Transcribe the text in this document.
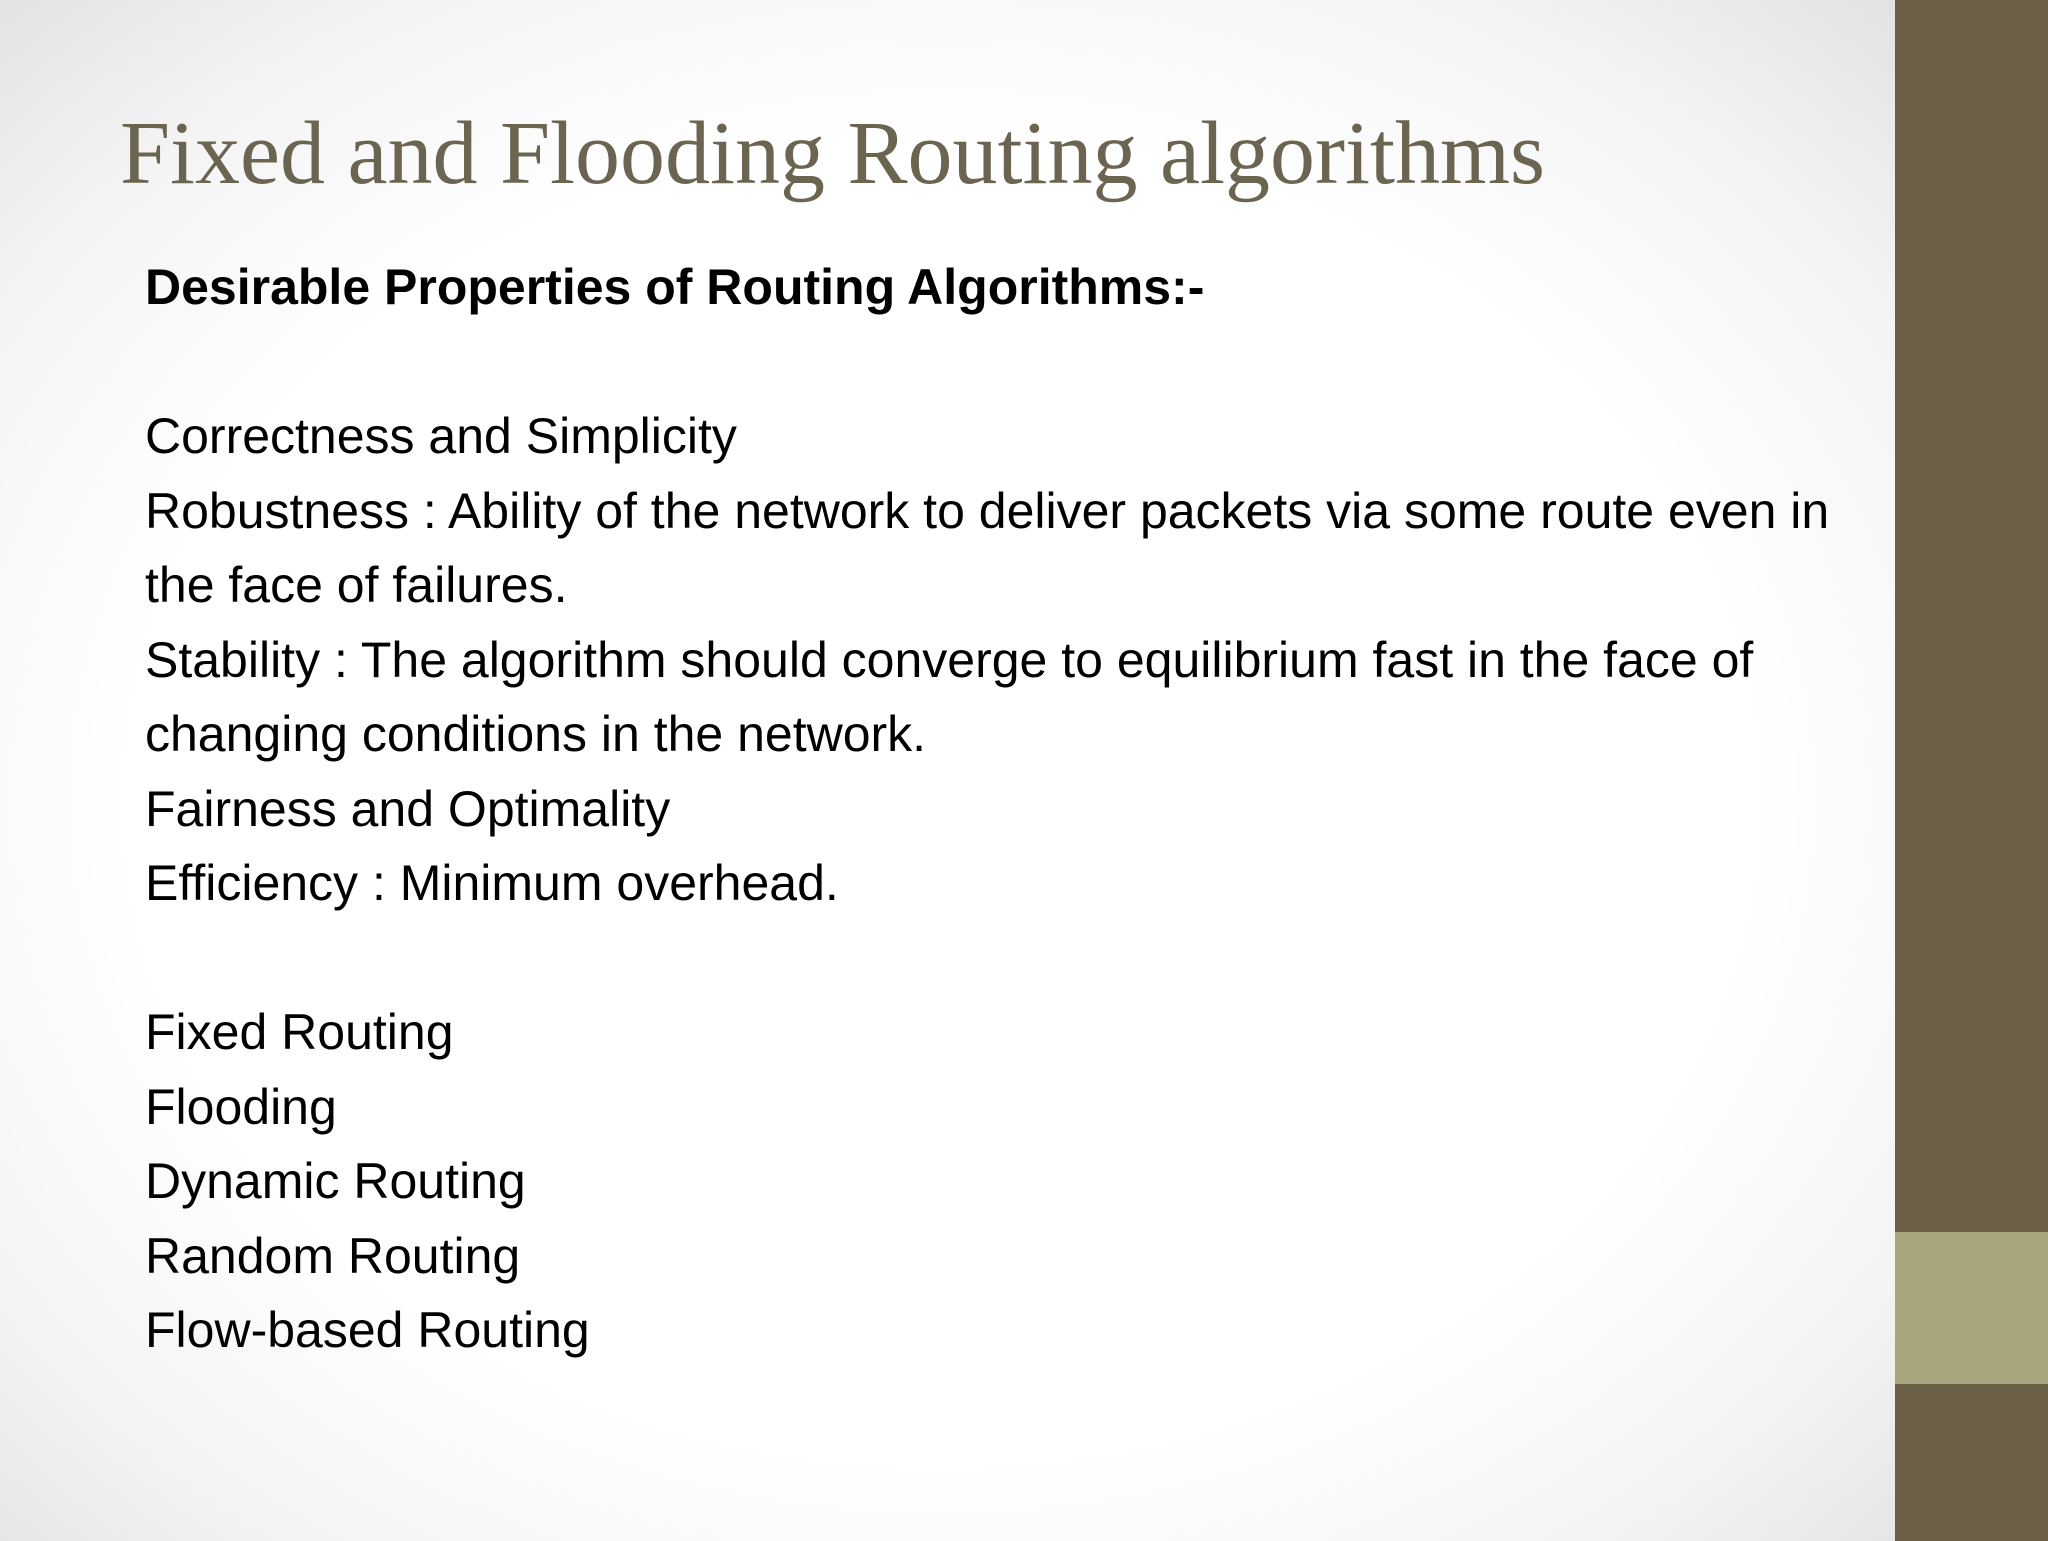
Fixed and Flooding Routing algorithms

Desirable Properties of Routing Algorithms:-

Correctness and Simplicity

Robustness : Ability of the network to deliver packets via some route even in the face of failures.

Stability : The algorithm should converge to equilibrium fast in the face of changing conditions in the network.

Fairness and Optimality

Efficiency : Minimum overhead.

Fixed Routing
Flooding
Dynamic Routing
Random Routing
Flow-based Routing
